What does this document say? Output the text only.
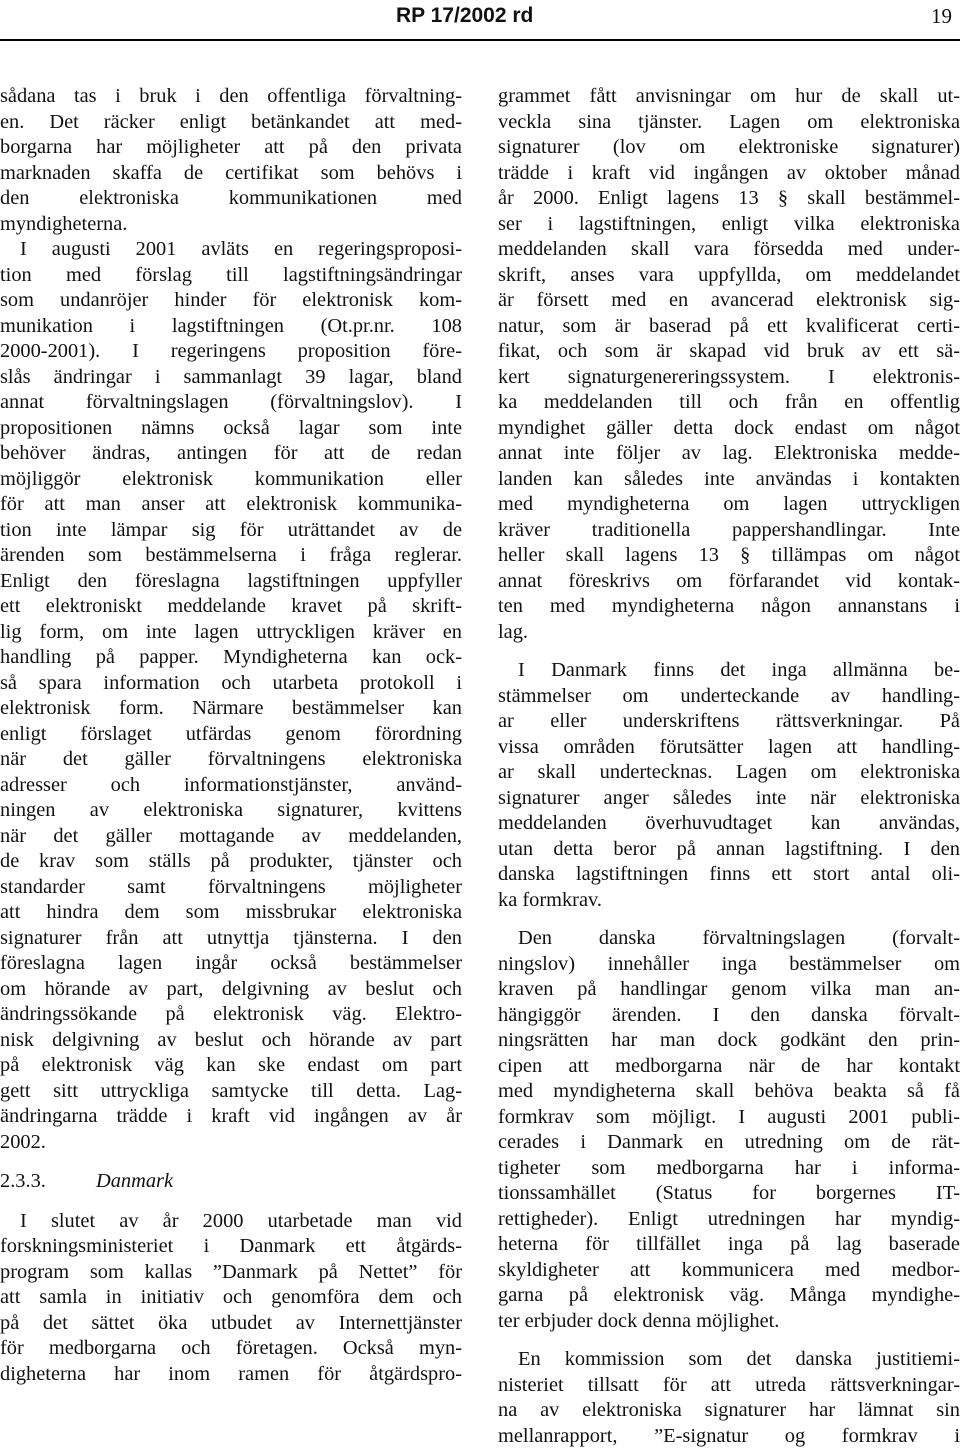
RP 17/2002 rd	19
sådana tas i bruk i den offentliga förvaltning-
en. Det räcker enligt betänkandet att med-
borgarna har möjligheter att på den privata
marknaden skaffa de certifikat som behövs i
den elektroniska kommunikationen med
myndigheterna.
I augusti 2001 avläts en regeringsproposi-
tion med förslag till lagstiftningsändringar
som undanröjer hinder för elektronisk kom-
munikation i lagstiftningen (Ot.pr.nr. 108
2000-2001). I regeringens proposition före-
slås ändringar i sammanlagt 39 lagar, bland
annat förvaltningslagen (förvaltningslov). I
propositionen nämns också lagar som inte
behöver ändras, antingen för att de redan
möjliggör elektronisk kommunikation eller
för att man anser att elektronisk kommunika-
tion inte lämpar sig för uträttandet av de
ärenden som bestämmelserna i fråga reglerar.
Enligt den föreslagna lagstiftningen uppfyller
ett elektroniskt meddelande kravet på skrift-
lig form, om inte lagen uttryckligen kräver en
handling på papper. Myndigheterna kan ock-
så spara information och utarbeta protokoll i
elektronisk form. Närmare bestämmelser kan
enligt förslaget utfärdas genom förordning
när det gäller förvaltningens elektroniska
adresser och informationstjänster, använd-
ningen av elektroniska signaturer, kvittens
när det gäller mottagande av meddelanden,
de krav som ställs på produkter, tjänster och
standarder samt förvaltningens möjligheter
att hindra dem som missbrukar elektroniska
signaturer från att utnyttja tjänsterna. I den
föreslagna lagen ingår också bestämmelser
om hörande av part, delgivning av beslut och
ändringssökande på elektronisk väg. Elektro-
nisk delgivning av beslut och hörande av part
på elektronisk väg kan ske endast om part
gett sitt uttryckliga samtycke till detta. Lag-
ändringarna trädde i kraft vid ingången av år
2002.
2.3.3. Danmark
I slutet av år 2000 utarbetade man vid
forskningsministeriet i Danmark ett åtgärds-
program som kallas ”Danmark på Nettet” för
att samla in initiativ och genomföra dem och
på det sättet öka utbudet av Internettjänster
för medborgarna och företagen. Också myn-
digheterna har inom ramen för åtgärdspro-
grammet fått anvisningar om hur de skall ut-
veckla sina tjänster. Lagen om elektroniska
signaturer (lov om elektroniske signaturer)
trädde i kraft vid ingången av oktober månad
år 2000. Enligt lagens 13 § skall bestämmel-
ser i lagstiftningen, enligt vilka elektroniska
meddelanden skall vara försedda med under-
skrift, anses vara uppfyllda, om meddelandet
är försett med en avancerad elektronisk sig-
natur, som är baserad på ett kvalificerat certi-
fikat, och som är skapad vid bruk av ett sä-
kert signaturgenereringssystem. I elektronis-
ka meddelanden till och från en offentlig
myndighet gäller detta dock endast om något
annat inte följer av lag. Elektroniska medde-
landen kan således inte användas i kontakten
med myndigheterna om lagen uttryckligen
kräver traditionella pappershandlingar. Inte
heller skall lagens 13 § tillämpas om något
annat föreskrivs om förfarandet vid kontak-
ten med myndigheterna någon annanstans i
lag.
I Danmark finns det inga allmänna be-
stämmelser om underteckande av handling-
ar eller underskriftens rättsverkningar. På
vissa områden förutsätter lagen att handling-
ar skall undertecknas. Lagen om elektroniska
signaturer anger således inte när elektroniska
meddelanden överhuvudtaget kan användas,
utan detta beror på annan lagstiftning. I den
danska lagstiftningen finns ett stort antal oli-
ka formkrav.
Den danska förvaltningslagen (forvalt-
ningslov) innehåller inga bestämmelser om
kraven på handlingar genom vilka man an-
hängiggör ärenden. I den danska förvalt-
ningsrätten har man dock godkänt den prin-
cipen att medborgarna när de har kontakt
med myndigheterna skall behöva beakta så få
formkrav som möjligt. I augusti 2001 publi-
cerades i Danmark en utredning om de rät-
tigheter som medborgarna har i informa-
tionssamhället (Status for borgernes IT-
rettigheder). Enligt utredningen har myndig-
heterna för tillfället inga på lag baserade
skyldigheter att kommunicera med medbor-
garna på elektronisk väg. Många myndighe-
ter erbjuder dock denna möjlighet.
En kommission som det danska justitiemi-
nisteriet tillsatt för att utreda rättsverkningar-
na av elektroniska signaturer har lämnat sin
mellanrapport, ”E-signatur og formkrav i
